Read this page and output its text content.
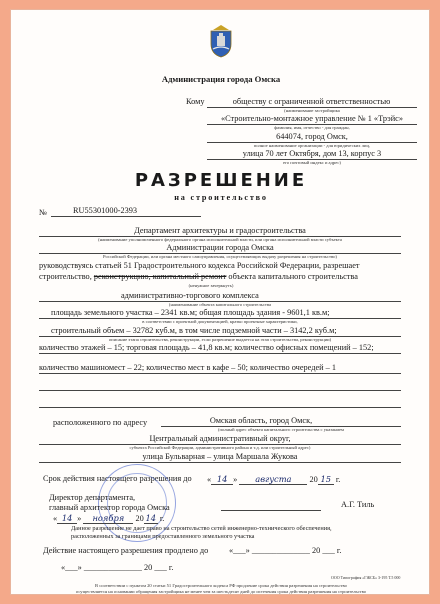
Администрация города Омска
Кому	обществу с ограниченной ответственностью
(наименование застройщика
«Строительно-монтажное управление № 1 «Трэйс»
фамилия, имя, отчество - для граждан,
644074, город Омск,
полное наименование организации - для юридических лиц,
улица 70 лет Октября, дом 13, корпус 3
его почтовый индекс и адрес)
РАЗРЕШЕНИЕ
на строительство
№	RU55301000-2393
Департамент архитектуры и градостроительства
(наименование уполномоченного федерального органа исполнительной власти, или органа исполнительной власти субъекта
Администрации города Омска
Российской Федерации, или органа местного самоуправления, осуществляющих выдачу разрешения на строительство)
руководствуясь статьей 51 Градостроительного кодекса Российской Федерации, разрешает
строительство, реконструкцию, капитальный ремонт объекта капитального строительства
(ненужное зачеркнуть)
административно-торгового комплекса
(наименование объекта капитального строительства
площадь земельного участка – 2341 кв.м; общая площадь здания - 9601,1 кв.м;
в соответствии с проектной документацией, кратко проектные характеристики,
строительный объем – 32782 куб.м, в том числе подземной части – 3142,2 куб.м;
описание этапа строительства, реконструкции, если разрешение выдается на этап строительства, реконструкции)
количество этажей – 15; торговая площадь – 41,8 кв.м; количество офисных помещений – 152;
количество машиномест – 22; количество мест в кафе – 50; количество очередей – 1
расположенного по адресу	Омская область, город Омск,
(полный адрес объекта капитального строительства с указанием
Центральный административный округ,
субъекта Российской Федерации, административного района и т.д. или строительный адрес)
улица Бульварная – улица Маршала Жукова
Срок действия настоящего разрешения до « 14 » августа 20 15 г.
Директор департамента,
главный архитектор города Омска	А.Г. Тиль
« 14 » ноября 20 14 г.
Данное разрешение не дает право на строительство сетей инженерно-технического обеспечения,
расположенных за границами предоставленного земельного участка
Действие настоящего разрешения продлено до «___» ______________ 20 ___ г.
«___» ______________ 20 ___ г.
В соответствии с пунктом 20 статьи 51 Градостроительного кодекса РФ продление срока действия разрешения на строительство
осуществляется на основании обращения застройщика не менее чем за шестьдесят дней до истечения срока действия разрешения на строительство
ООО Типография «ГЖСБ» 3-195 Т.5 000
